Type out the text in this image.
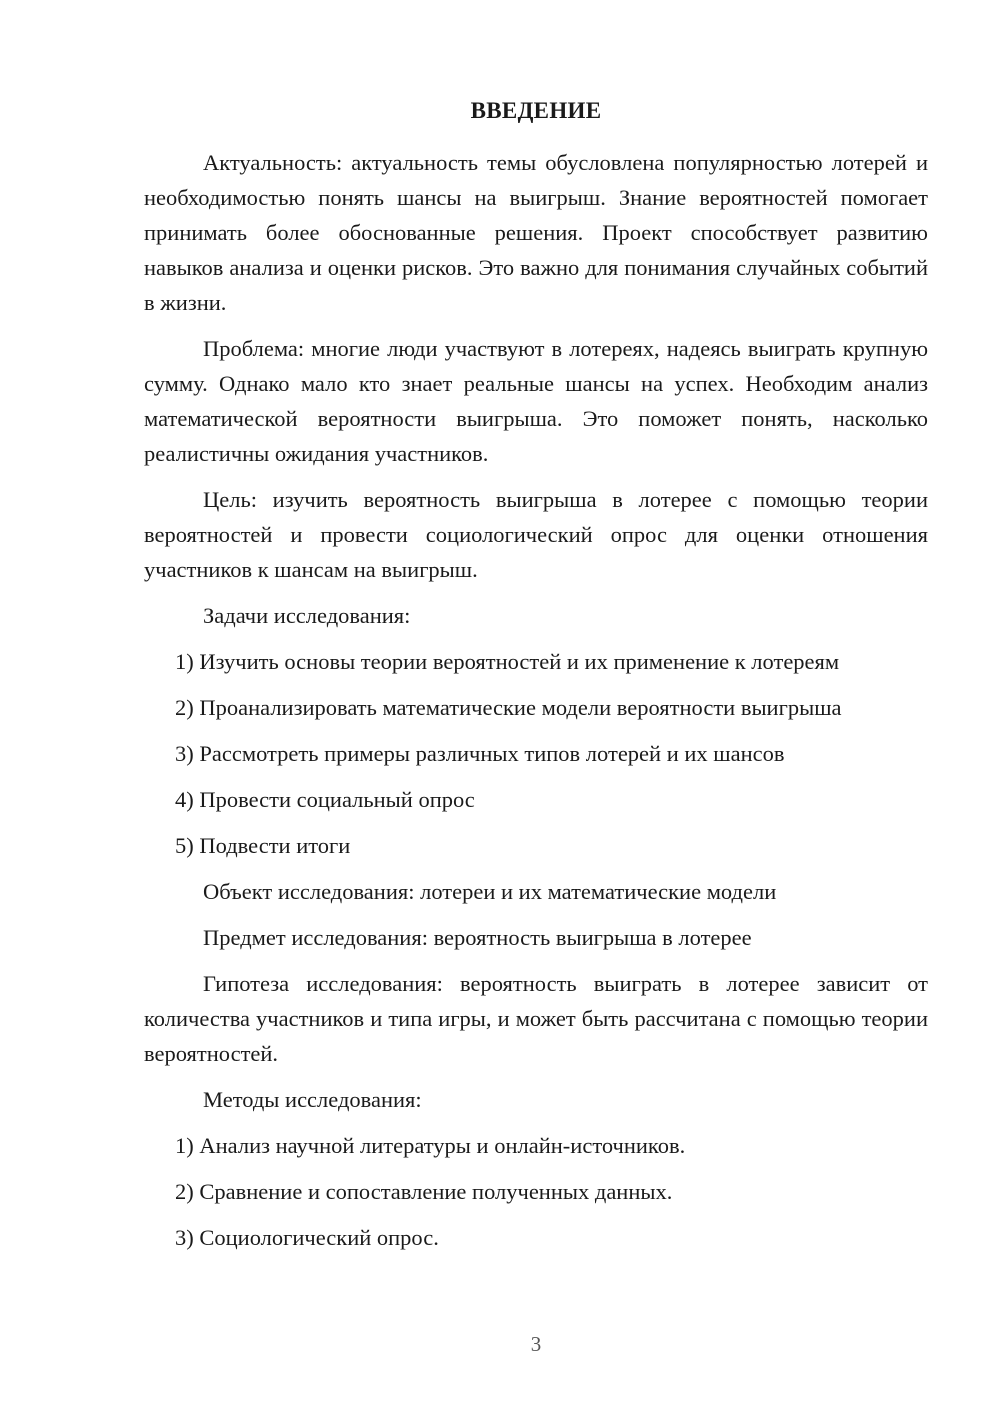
ВВЕДЕНИЕ

Актуальность: актуальность темы обусловлена популярностью лотерей и необходимостью понять шансы на выигрыш. Знание вероятностей помогает принимать более обоснованные решения. Проект способствует развитию навыков анализа и оценки рисков. Это важно для понимания случайных событий в жизни.

Проблема: многие люди участвуют в лотереях, надеясь выиграть крупную сумму. Однако мало кто знает реальные шансы на успех. Необходим анализ математической вероятности выигрыша. Это поможет понять, насколько реалистичны ожидания участников.

Цель: изучить вероятность выигрыша в лотерее с помощью теории вероятностей и провести социологический опрос для оценки отношения участников к шансам на выигрыш.

Задачи исследования:

1) Изучить основы теории вероятностей и их применение к лотереям

2) Проанализировать математические модели вероятности выигрыша

3) Рассмотреть примеры различных типов лотерей и их шансов

4) Провести социальный опрос

5) Подвести итоги

Объект исследования: лотереи и их математические модели

Предмет исследования: вероятность выигрыша в лотерее

Гипотеза исследования: вероятность выиграть в лотерее зависит от количества участников и типа игры, и может быть рассчитана с помощью теории вероятностей.

Методы исследования:

1) Анализ научной литературы и онлайн-источников.

2) Сравнение и сопоставление полученных данных.

3) Социологический опрос.

3
